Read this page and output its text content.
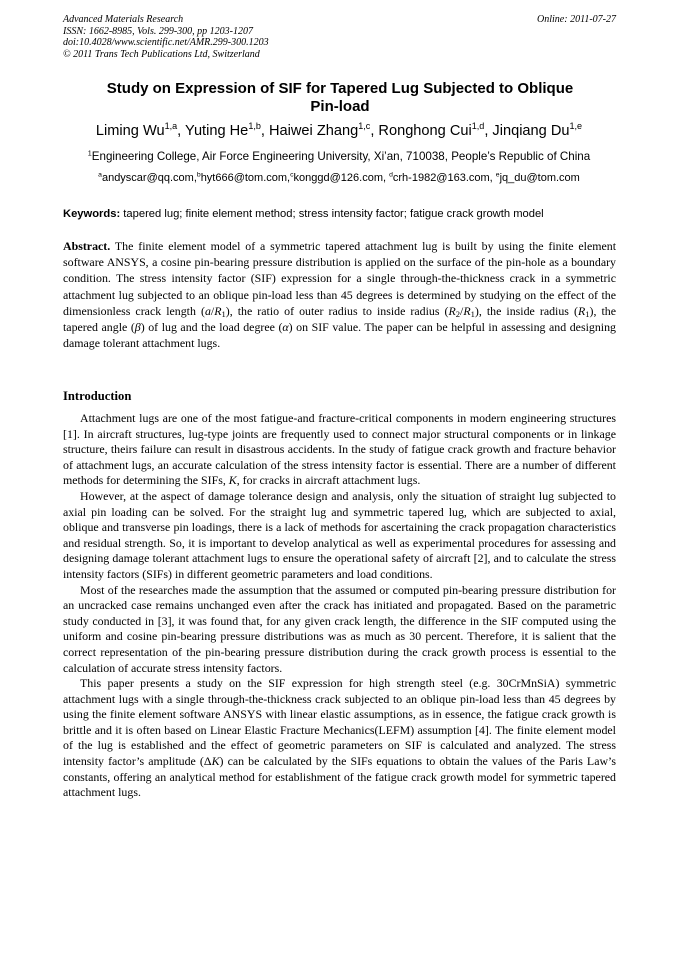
Advanced Materials Research
ISSN: 1662-8985, Vols. 299-300, pp 1203-1207
doi:10.4028/www.scientific.net/AMR.299-300.1203
© 2011 Trans Tech Publications Ltd, Switzerland
Online: 2011-07-27
Study on Expression of SIF for Tapered Lug Subjected to Oblique
Pin-load
Liming Wu$^{1,a}$, Yuting He$^{1,b}$, Haiwei Zhang$^{1,c}$, Ronghong Cui$^{1,d}$, Jinqiang Du$^{1,e}$
$^1$Engineering College, Air Force Engineering University, Xi’an, 710038, People’s Republic of China
$^a$andyscar@qq.com,$^b$hyt666@tom.com,$^c$konggd@126.com, $^d$crh-1982@163.com, $^e$jq_du@tom.com
Keywords: tapered lug; finite element method; stress intensity factor; fatigue crack growth model
Abstract. The finite element model of a symmetric tapered attachment lug is built by using the finite element software ANSYS, a cosine pin-bearing pressure distribution is applied on the surface of the pin-hole as a boundary condition. The stress intensity factor (SIF) expression for a single through-the-thickness crack in a symmetric attachment lug subjected to an oblique pin-load less than 45 degrees is determined by studying on the effect of the dimensionless crack length $(a/R_1)$, the ratio of outer radius to inside radius $(R_2/R_1)$, the inside radius $(R_1)$, the tapered angle (β) of lug and the load degree (α) on SIF value. The paper can be helpful in assessing and designing damage tolerant attachment lugs.
Introduction

Attachment lugs are one of the most fatigue-and fracture-critical components in modern engineering structures [1]. In aircraft structures, lug-type joints are frequently used to connect major structural components or in linkage structure, theirs failure can result in disastrous accidents. In the study of fatigue crack growth and fracture behavior of attachment lugs, an accurate calculation of the stress intensity factor is essential. There are a number of different methods for determining the SIFs, K, for cracks in aircraft attachment lugs.

However, at the aspect of damage tolerance design and analysis, only the situation of straight lug subjected to axial pin loading can be solved. For the straight lug and symmetric tapered lug, which are subjected to axial, oblique and transverse pin loadings, there is a lack of methods for ascertaining the crack propagation characteristics and residual strength. So, it is important to develop analytical as well as experimental procedures for assessing and designing damage tolerant attachment lugs to ensure the operational safety of aircraft [2], and to calculate the stress intensity factors (SIFs) in different geometric parameters and load conditions.

Most of the researches made the assumption that the assumed or computed pin-bearing pressure distribution for an uncracked case remains unchanged even after the crack has initiated and propagated. Based on the parametric study conducted in [3], it was found that, for any given crack length, the difference in the SIF computed using the uniform and cosine pin-bearing pressure distributions was as much as 30 percent. Therefore, it is salient that the correct representation of the pin-bearing pressure distribution during the crack growth process is essential to the calculation of accurate stress intensity factors.

This paper presents a study on the SIF expression for high strength steel (e.g. 30CrMnSiA) symmetric attachment lugs with a single through-the-thickness crack subjected to an oblique pin-load less than 45 degrees by using the finite element software ANSYS with linear elastic assumptions, as in essence, the fatigue crack growth is brittle and it is often based on Linear Elastic Fracture Mechanics(LEFM) assumption [4]. The finite element model of the lug is established and the effect of geometric parameters on SIF is calculated and analyzed. The stress intensity factor’s amplitude (ΔK) can be calculated by the SIFs equations to obtain the values of the Paris Law’s constants, offering an analytical method for establishment of the fatigue crack growth model for symmetric tapered attachment lugs.
